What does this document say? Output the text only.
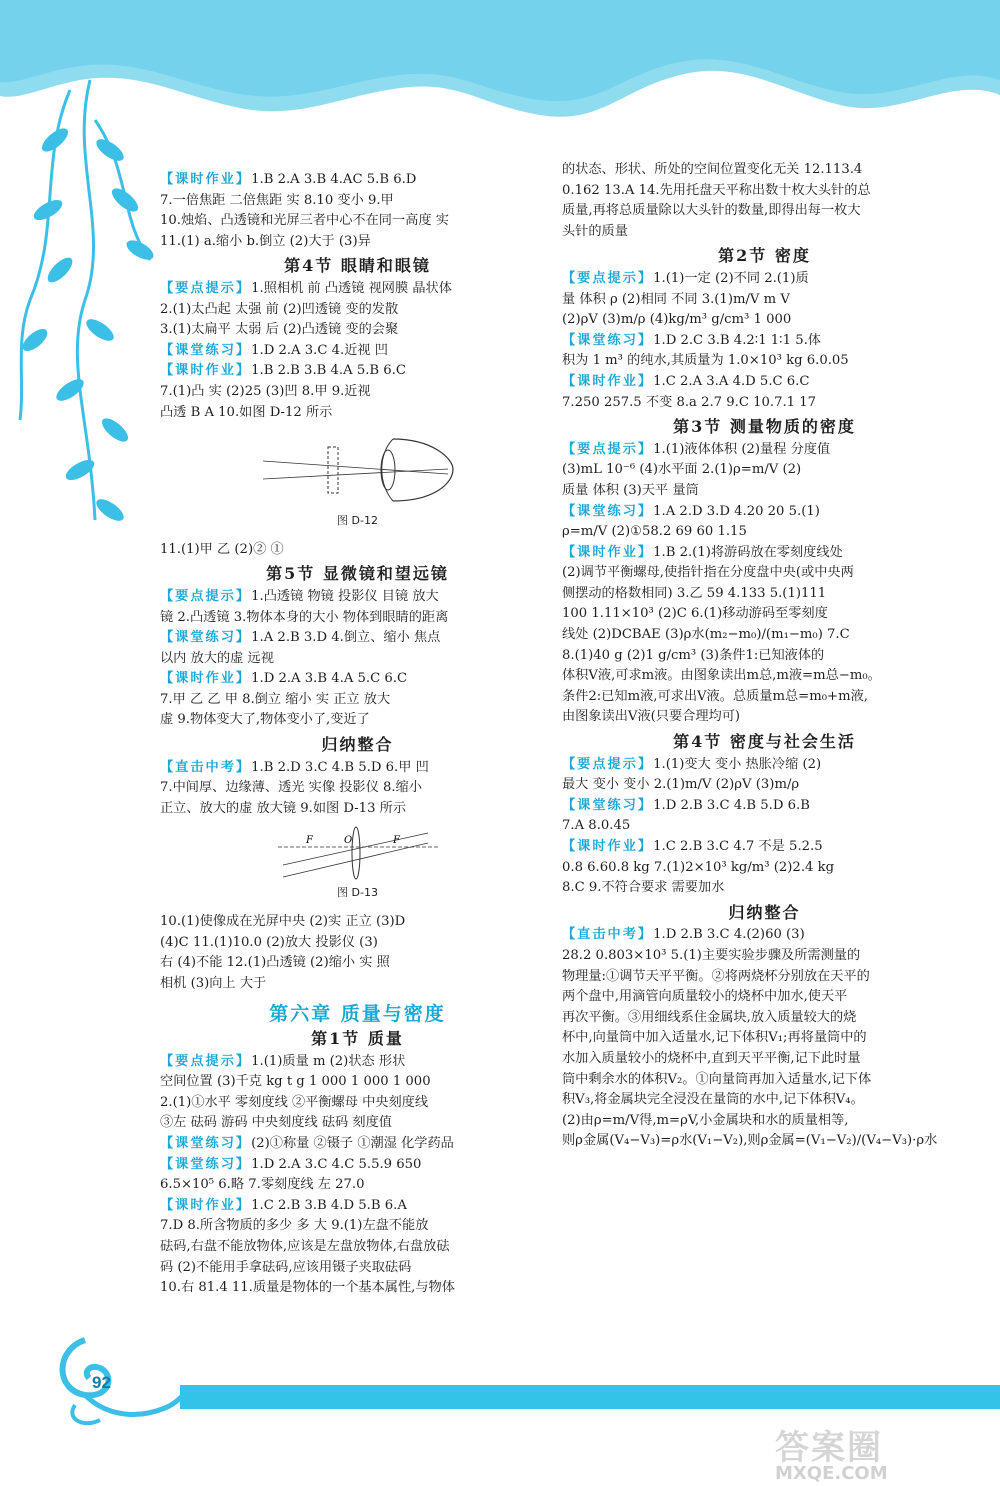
【课时作业】1.B 2.A 3.B 4.AC 5.B 6.D
7.一倍焦距 二倍焦距 实 8.10 变小 9.甲
10.烛焰、凸透镜和光屏三者中心不在同一高度 实
11.(1) a.缩小 b.倒立 (2)大于 (3)异
第4节 眼睛和眼镜
【要点提示】1.照相机 前 凸透镜 视网膜 晶状体
2.(1)太凸起 太强 前 (2)凹透镜 变的发散
3.(1)太扁平 太弱 后 (2)凸透镜 变的会聚
【课堂练习】1.D 2.A 3.C 4.近视 凹
【课时作业】1.B 2.B 3.B 4.A 5.B 6.C
7.(1)凸 实 (2)25 (3)凹 8.甲 9.近视
凸透 B A 10.如图 D-12 所示
图 D-12
11.(1)甲 乙 (2)② ①
第5节 显微镜和望远镜
【要点提示】1.凸透镜 物镜 投影仪 目镜 放大
镜 2.凸透镜 3.物体本身的大小 物体到眼睛的距离
【课堂练习】1.A 2.B 3.D 4.倒立、缩小 焦点
以内 放大的虚 远视
【课时作业】1.D 2.A 3.B 4.A 5.C 6.C
7.甲 乙 乙 甲 8.倒立 缩小 实 正立 放大
虚 9.物体变大了,物体变小了,变近了
归纳整合
【直击中考】1.B 2.D 3.C 4.B 5.D 6.甲 凹
7.中间厚、边缘薄、透光 实像 投影仪 8.缩小
正立、放大的虚 放大镜 9.如图 D-13 所示
F	O	F
图 D-13
10.(1)使像成在光屏中央 (2)实 正立 (3)D
(4)C 11.(1)10.0 (2)放大 投影仪 (3)
右 (4)不能 12.(1)凸透镜 (2)缩小 实 照
相机 (3)向上 大于
第六章 质量与密度
第1节 质量
【要点提示】1.(1)质量 m (2)状态 形状
空间位置 (3)千克 kg t g 1 000 1 000 1 000
2.(1)①水平 零刻度线 ②平衡螺母 中央刻度线
③左 砝码 游码 中央刻度线 砝码 刻度值
【课堂练习】(2)①称量 ②镊子 ①潮湿 化学药品
【课堂练习】1.D 2.A 3.C 4.C 5.5.9 650
6.5×10⁵ 6.略 7.零刻度线 左 27.0
【课时作业】1.C 2.B 3.B 4.D 5.B 6.A
7.D 8.所含物质的多少 多 大 9.(1)左盘不能放
砝码,右盘不能放物体,应该是左盘放物体,右盘放砝
码 (2)不能用手拿砝码,应该用镊子夹取砝码
10.右 81.4 11.质量是物体的一个基本属性,与物体
的状态、形状、所处的空间位置变化无关 12.113.4
0.162 13.A 14.先用托盘天平称出数十枚大头针的总
质量,再将总质量除以大头针的数量,即得出每一枚大
头针的质量
第2节 密度
【要点提示】1.(1)一定 (2)不同 2.(1)质
量 体积 ρ (2)相同 不同 3.(1)m/V m V
(2)ρV (3)m/ρ (4)kg/m³ g/cm³ 1 000
【课堂练习】1.D 2.C 3.B 4.2∶1 1∶1 5.体
积为 1 m³ 的纯水,其质量为 1.0×10³ kg 6.0.05
【课时作业】1.C 2.A 3.A 4.D 5.C 6.C
7.250 257.5 不变 8.a 2.7 9.C 10.7.1 17
第3节 测量物质的密度
【要点提示】1.(1)液体体积 (2)量程 分度值
(3)mL 10⁻⁶ (4)水平面 2.(1)ρ=m/V (2)
质量 体积 (3)天平 量筒
【课堂练习】1.A 2.D 3.D 4.20 20 5.(1)
ρ=m/V (2)①58.2 69 60 1.15
【课时作业】1.B 2.(1)将游码放在零刻度线处
(2)调节平衡螺母,使指针指在分度盘中央(或中央两
侧摆动的格数相同) 3.乙 59 4.133 5.(1)111
100 1.11×10³ (2)C 6.(1)移动游码至零刻度
线处 (2)DCBAE (3)ρ水(m₂−m₀)/(m₁−m₀) 7.C
8.(1)40 g (2)1 g/cm³ (3)条件1:已知液体的
体积V液,可求m液。由图象读出m总,m液=m总−m₀。
条件2:已知m液,可求出V液。总质量m总=m₀+m液,
由图象读出V液(只要合理均可)
第4节 密度与社会生活
【要点提示】1.(1)变大 变小 热胀冷缩 (2)
最大 变小 变小 2.(1)m/V (2)ρV (3)m/ρ
【课堂练习】1.D 2.B 3.C 4.B 5.D 6.B
7.A 8.0.45
【课时作业】1.C 2.B 3.C 4.7 不是 5.2.5
0.8 6.60.8 kg 7.(1)2×10³ kg/m³ (2)2.4 kg
8.C 9.不符合要求 需要加水
归纳整合
【直击中考】1.D 2.B 3.C 4.(2)60 (3)
28.2 0.803×10³ 5.(1)主要实验步骤及所需测量的
物理量:①调节天平平衡。②将两烧杯分别放在天平的
两个盘中,用滴管向质量较小的烧杯中加水,使天平
再次平衡。③用细线系住金属块,放入质量较大的烧
杯中,向量筒中加入适量水,记下体积V₁;再将量筒中的
水加入质量较小的烧杯中,直到天平平衡,记下此时量
筒中剩余水的体积V₂。①向量筒再加入适量水,记下体
积V₃,将金属块完全浸没在量筒的水中,记下体积V₄。
(2)由ρ=m/V得,m=ρV,小金属块和水的质量相等,
则ρ金属(V₄−V₃)=ρ水(V₁−V₂),则ρ金属=(V₁−V₂)/(V₄−V₃)·ρ水
92
答案圈
MXQE.COM
